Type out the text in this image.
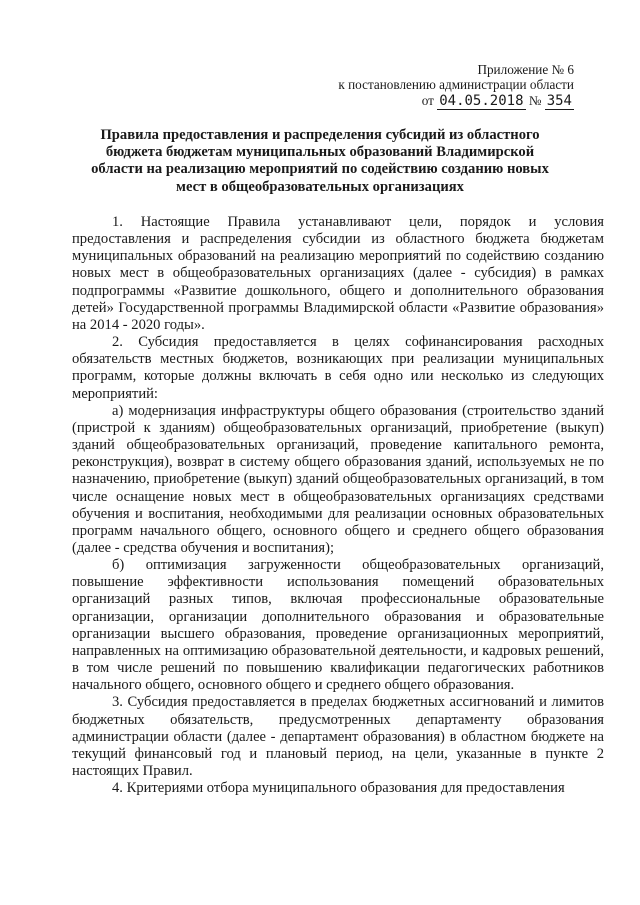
Приложение № 6
к постановлению администрации области
от 04.05.2018 № 354
Правила предоставления и распределения субсидий из областного бюджета бюджетам муниципальных образований Владимирской области на реализацию мероприятий по содействию созданию новых мест в общеобразовательных организациях

1. Настоящие Правила устанавливают цели, порядок и условия предоставления и распределения субсидии из областного бюджета бюджетам муниципальных образований на реализацию мероприятий по содействию созданию новых мест в общеобразовательных организациях (далее - субсидия) в рамках подпрограммы «Развитие дошкольного, общего и дополнительного образования детей» Государственной программы Владимирской области «Развитие образования» на 2014 - 2020 годы».

2. Субсидия предоставляется в целях софинансирования расходных обязательств местных бюджетов, возникающих при реализации муниципальных программ, которые должны включать в себя одно или несколько из следующих мероприятий:

а) модернизация инфраструктуры общего образования (строительство зданий (пристрой к зданиям) общеобразовательных организаций, приобретение (выкуп) зданий общеобразовательных организаций, проведение капитального ремонта, реконструкция), возврат в систему общего образования зданий, используемых не по назначению, приобретение (выкуп) зданий общеобразовательных организаций, в том числе оснащение новых мест в общеобразовательных организациях средствами обучения и воспитания, необходимыми для реализации основных образовательных программ начального общего, основного общего и среднего общего образования (далее - средства обучения и воспитания);

б) оптимизация загруженности общеобразовательных организаций, повышение эффективности использования помещений образовательных организаций разных типов, включая профессиональные образовательные организации, организации дополнительного образования и образовательные организации высшего образования, проведение организационных мероприятий, направленных на оптимизацию образовательной деятельности, и кадровых решений, в том числе решений по повышению квалификации педагогических работников начального общего, основного общего и среднего общего образования.

3. Субсидия предоставляется в пределах бюджетных ассигнований и лимитов бюджетных обязательств, предусмотренных департаменту образования администрации области (далее - департамент образования) в областном бюджете на текущий финансовый год и плановый период, на цели, указанные в пункте 2 настоящих Правил.

4. Критериями отбора муниципального образования для предоставления
